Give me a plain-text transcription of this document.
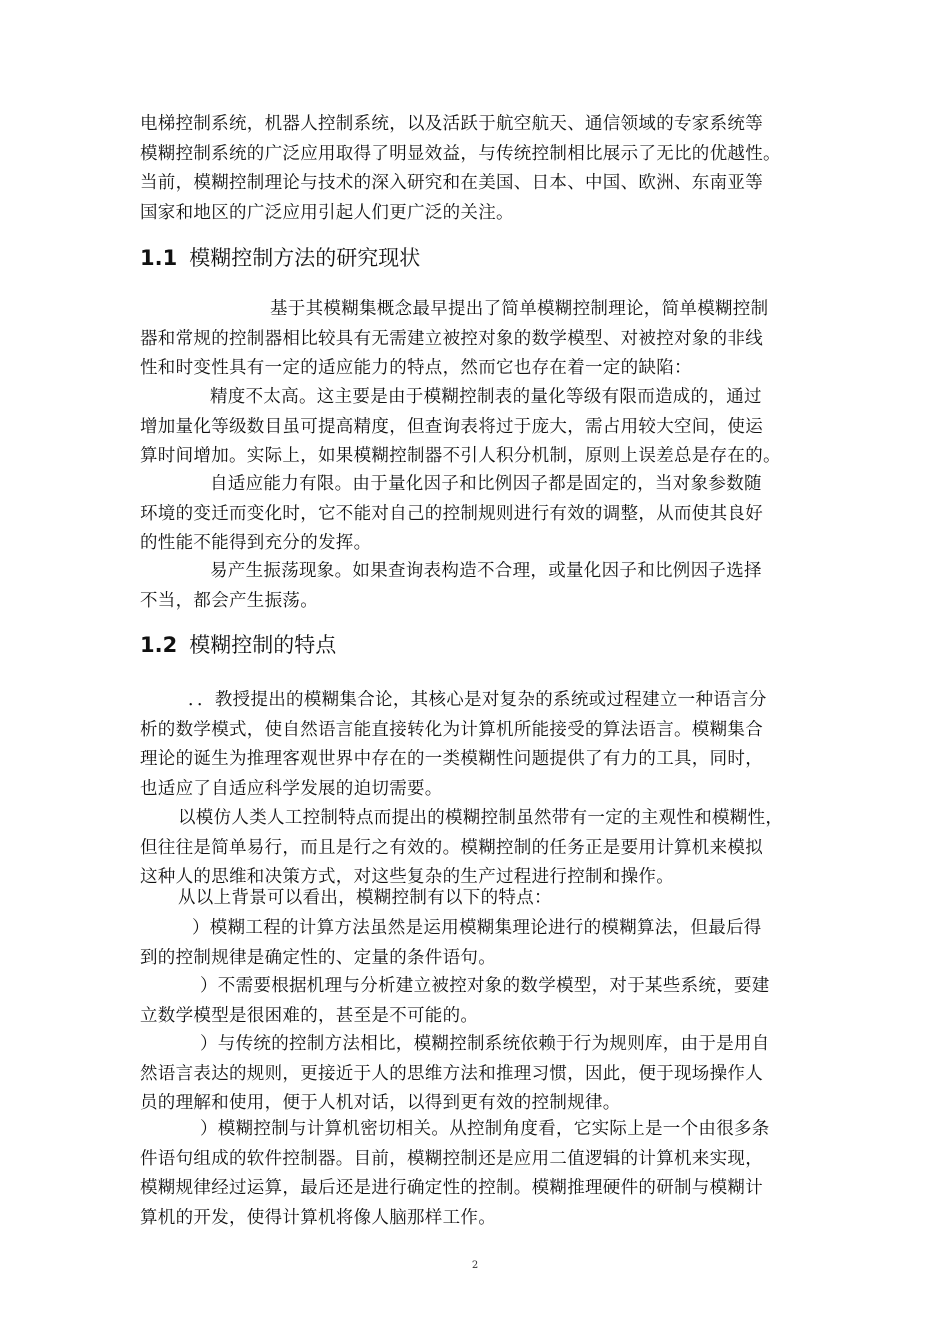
电梯控制系统，机器人控制系统，以及活跃于航空航天、通信领域的专家系统等
模糊控制系统的广泛应用取得了明显效益，与传统控制相比展示了无比的优越性。
当前，模糊控制理论与技术的深入研究和在美国、日本、中国、欧洲、东南亚等
国家和地区的广泛应用引起人们更广泛的关注。
1.1 模糊控制方法的研究现状
基于其模糊集概念最早提出了简单模糊控制理论，简单模糊控制
器和常规的控制器相比较具有无需建立被控对象的数学模型、对被控对象的非线
性和时变性具有一定的适应能力的特点，然而它也存在着一定的缺陷：
精度不太高。这主要是由于模糊控制表的量化等级有限而造成的，通过
增加量化等级数目虽可提高精度，但查询表将过于庞大，需占用较大空间，使运
算时间增加。实际上，如果模糊控制器不引人积分机制，原则上误差总是存在的。
自适应能力有限。由于量化因子和比例因子都是固定的，当对象参数随
环境的变迁而变化时，它不能对自己的控制规则进行有效的调整，从而使其良好
的性能不能得到充分的发挥。
易产生振荡现象。如果查询表构造不合理，或量化因子和比例因子选择
不当，都会产生振荡。
1.2 模糊控制的特点
．．教授提出的模糊集合论，其核心是对复杂的系统或过程建立一种语言分
析的数学模式，使自然语言能直接转化为计算机所能接受的算法语言。模糊集合
理论的诞生为推理客观世界中存在的一类模糊性问题提供了有力的工具，同时，
也适应了自适应科学发展的迫切需要。
以模仿人类人工控制特点而提出的模糊控制虽然带有一定的主观性和模糊性，
但往往是简单易行，而且是行之有效的。模糊控制的任务正是要用计算机来模拟
这种人的思维和决策方式，对这些复杂的生产过程进行控制和操作。
从以上背景可以看出，模糊控制有以下的特点：
）模糊工程的计算方法虽然是运用模糊集理论进行的模糊算法，但最后得
到的控制规律是确定性的、定量的条件语句。
）不需要根据机理与分析建立被控对象的数学模型，对于某些系统，要建
立数学模型是很困难的，甚至是不可能的。
）与传统的控制方法相比，模糊控制系统依赖于行为规则库，由于是用自
然语言表达的规则，更接近于人的思维方法和推理习惯，因此，便于现场操作人
员的理解和使用，便于人机对话，以得到更有效的控制规律。
）模糊控制与计算机密切相关。从控制角度看，它实际上是一个由很多条
件语句组成的软件控制器。目前，模糊控制还是应用二值逻辑的计算机来实现，
模糊规律经过运算，最后还是进行确定性的控制。模糊推理硬件的研制与模糊计
算机的开发，使得计算机将像人脑那样工作。
2
